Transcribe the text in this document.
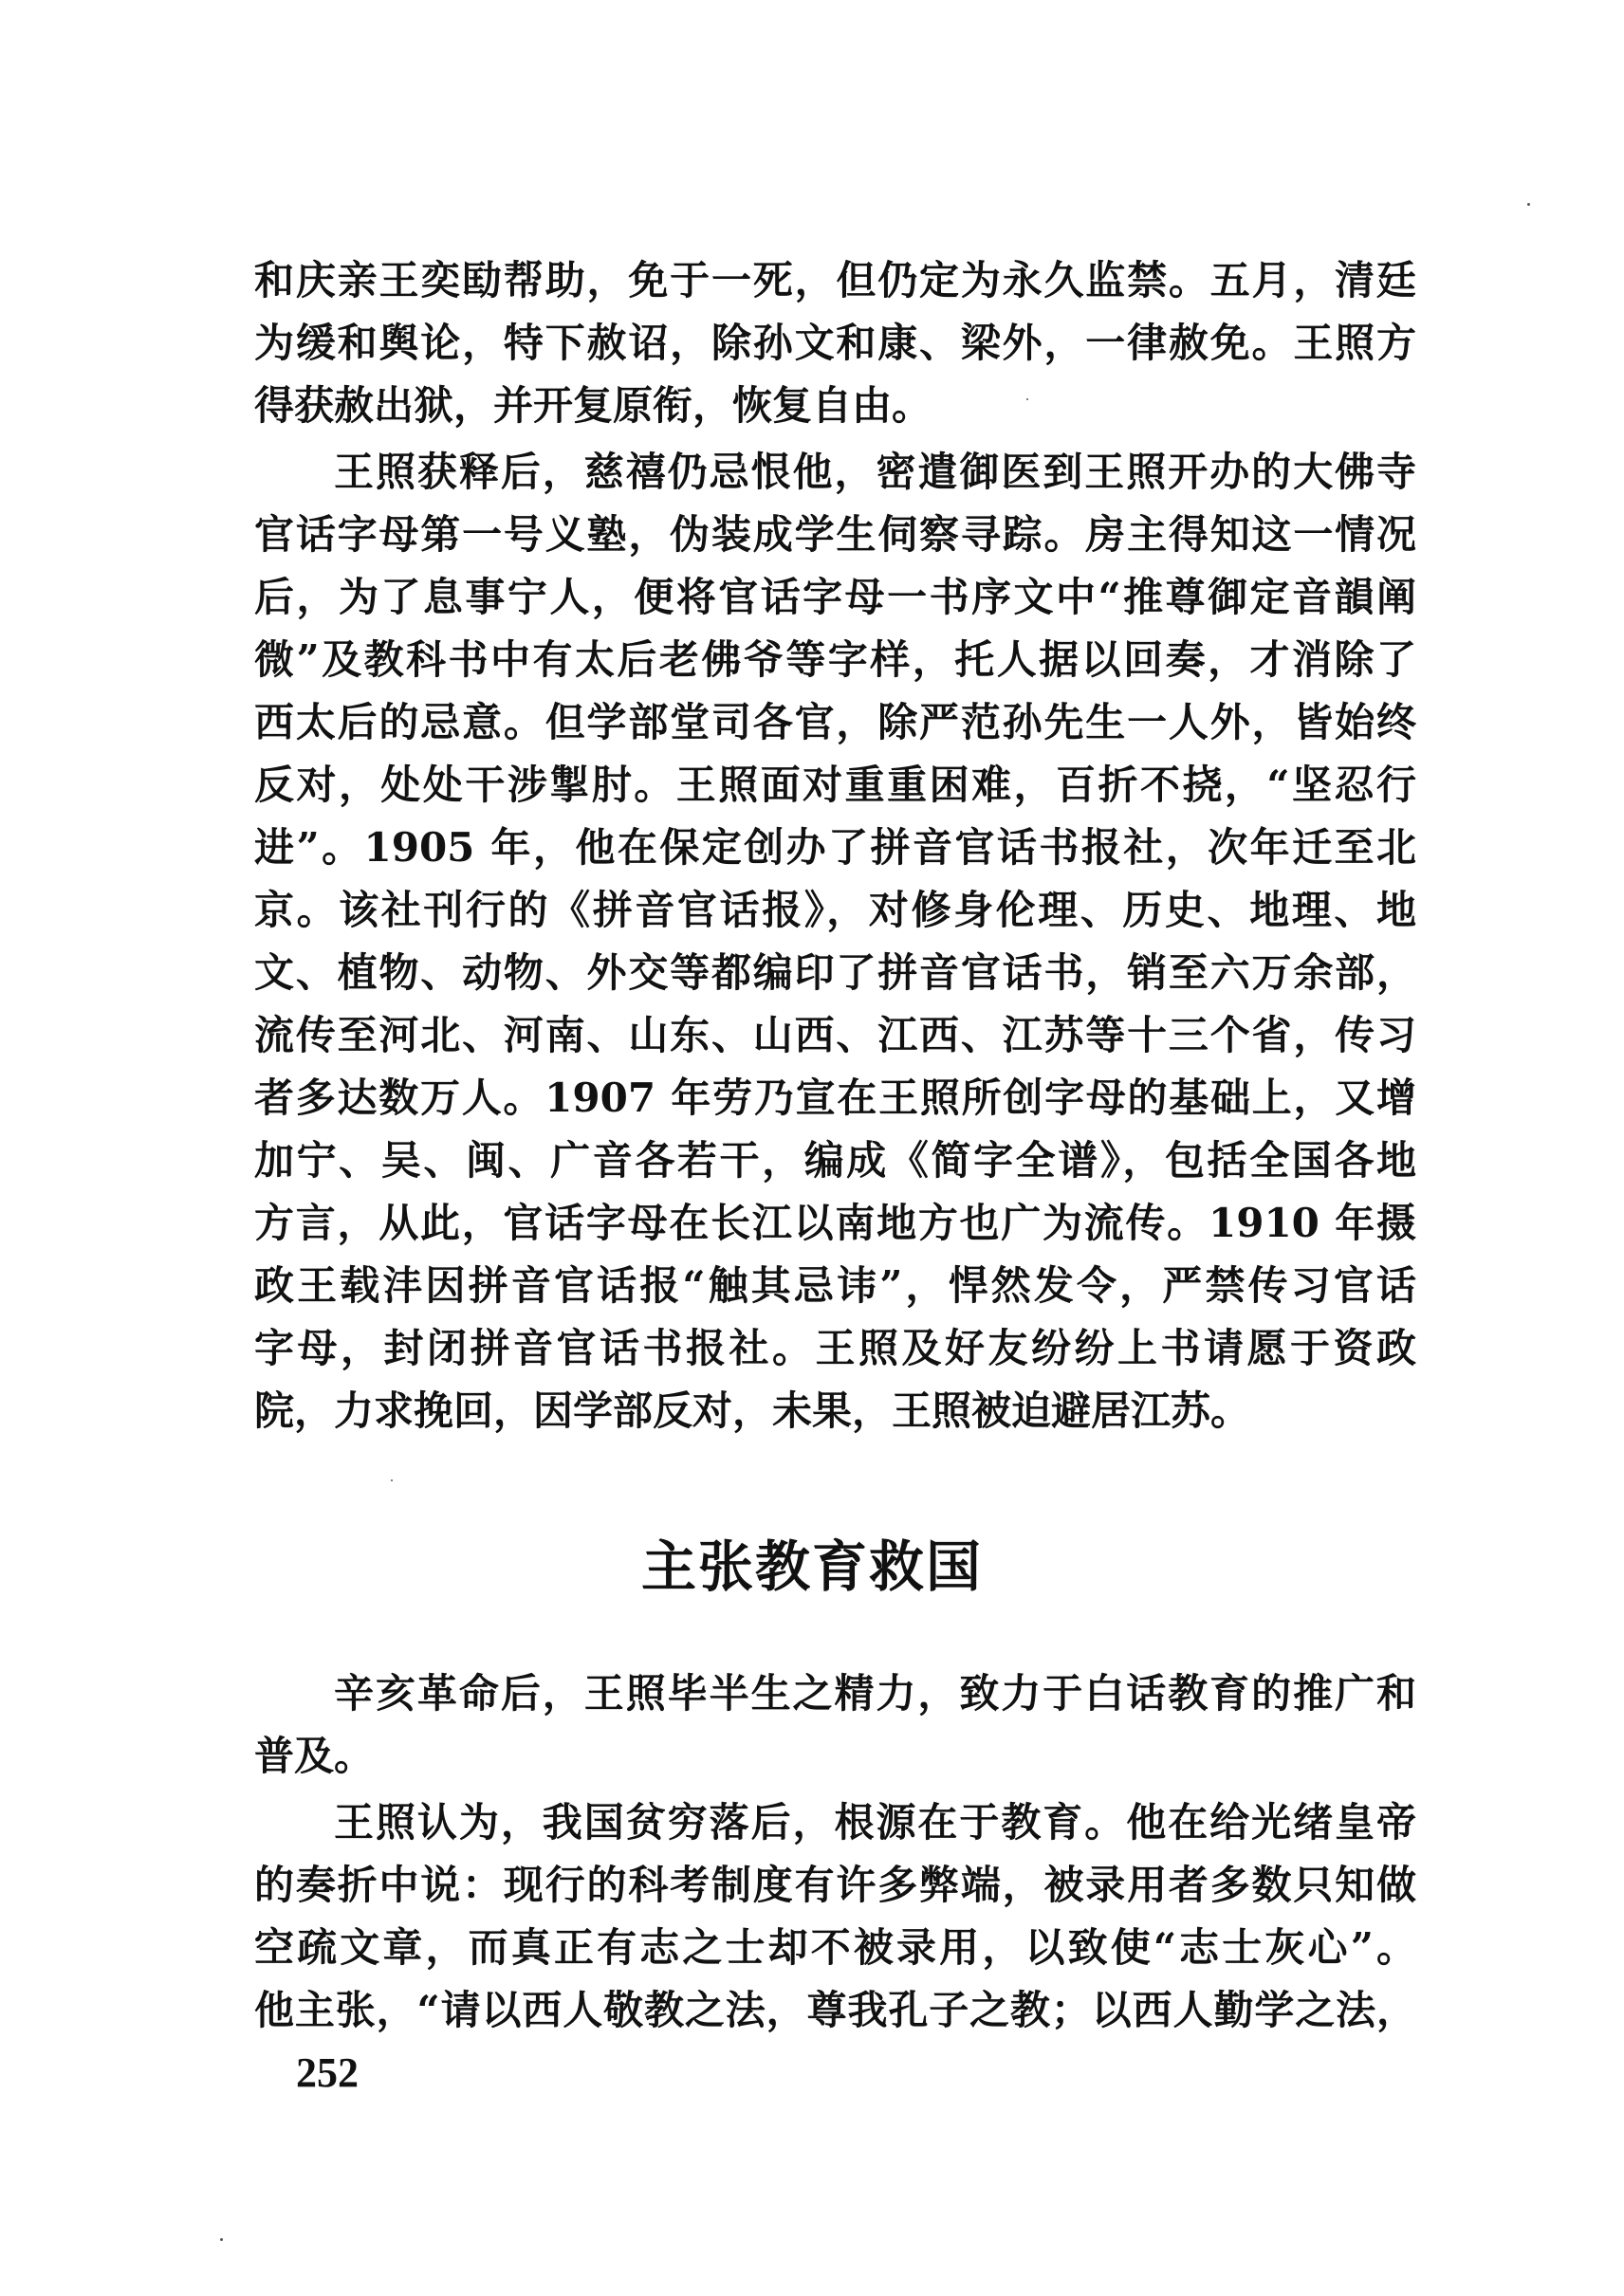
和庆亲王奕劻帮助，免于一死，但仍定为永久监禁。五月，清廷
为缓和舆论，特下赦诏，除孙文和康、梁外，一律赦免。王照方
得获赦出狱，并开复原衔，恢复自由。
王照获释后，慈禧仍忌恨他，密遣御医到王照开办的大佛寺
官话字母第一号义塾，伪装成学生伺察寻踪。房主得知这一情况
后，为了息事宁人，便将官话字母一书序文中“推尊御定音韻阐
微”及教科书中有太后老佛爷等字样，托人据以回奏，才消除了
西太后的忌意。但学部堂司各官，除严范孙先生一人外，皆始终
反对，处处干涉掣肘。王照面对重重困难，百折不挠，“坚忍行
进”。1905 年，他在保定创办了拼音官话书报社，次年迁至北
京。该社刊行的《拼音官话报》，对修身伦理、历史、地理、地
文、植物、动物、外交等都编印了拼音官话书，销至六万余部，
流传至河北、河南、山东、山西、江西、江苏等十三个省，传习
者多达数万人。1907 年劳乃宣在王照所创字母的基础上，又增
加宁、吴、闽、广音各若干，编成《简字全谱》，包括全国各地
方言，从此，官话字母在长江以南地方也广为流传。1910 年摄
政王载沣因拼音官话报“触其忌讳”，悍然发令，严禁传习官话
字母，封闭拼音官话书报社。王照及好友纷纷上书请愿于资政
院，力求挽回，因学部反对，未果，王照被迫避居江苏。
主张教育救国
辛亥革命后，王照毕半生之精力，致力于白话教育的推广和
普及。
王照认为，我国贫穷落后，根源在于教育。他在给光绪皇帝
的奏折中说：现行的科考制度有许多弊端，被录用者多数只知做
空疏文章，而真正有志之士却不被录用，以致使“志士灰心”。
他主张，“请以西人敬教之法，尊我孔子之教；以西人勤学之法，
252
